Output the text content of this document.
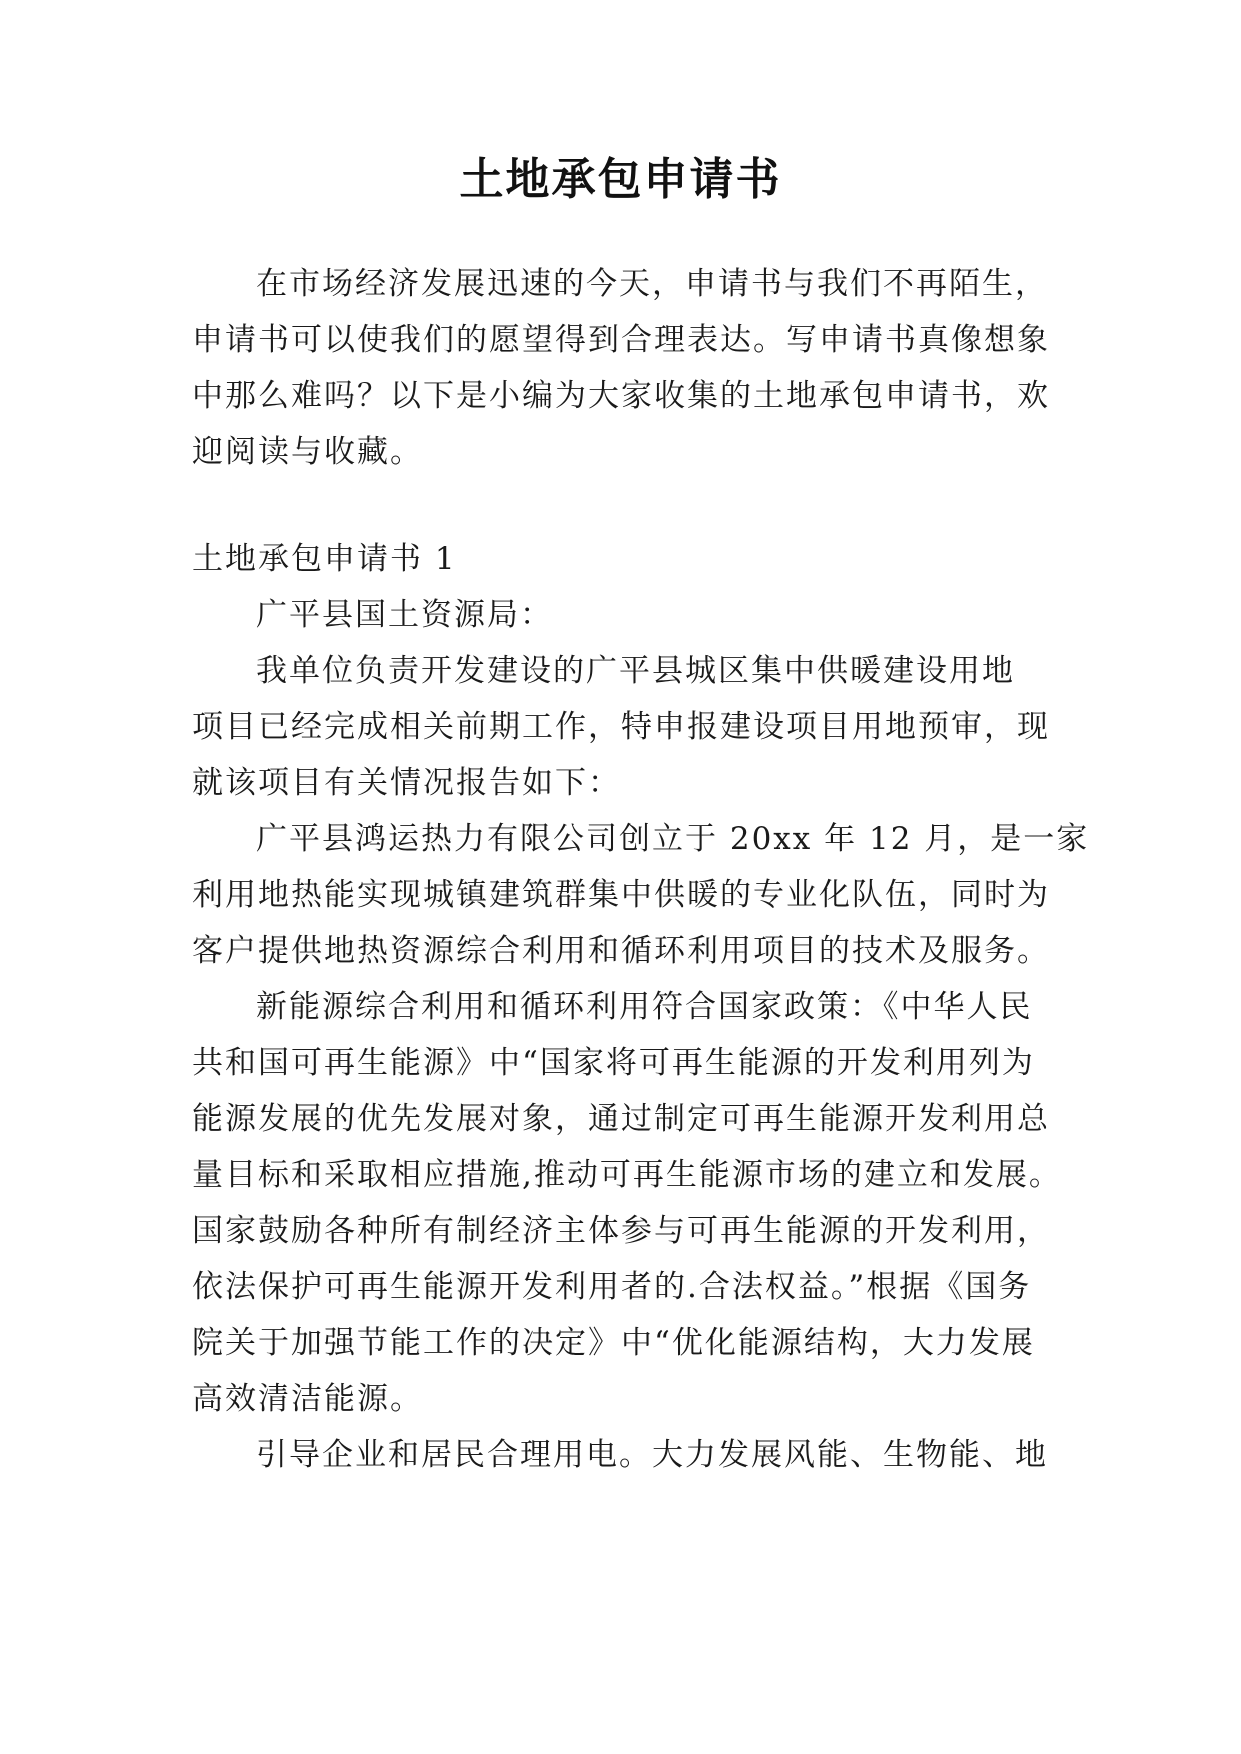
土地承包申请书
在市场经济发展迅速的今天，申请书与我们不再陌生，
申请书可以使我们的愿望得到合理表达。写申请书真像想象
中那么难吗？以下是小编为大家收集的土地承包申请书，欢
迎阅读与收藏。
土地承包申请书 1
广平县国土资源局：
我单位负责开发建设的广平县城区集中供暖建设用地
项目已经完成相关前期工作，特申报建设项目用地预审，现
就该项目有关情况报告如下：
广平县鸿运热力有限公司创立于 20xx 年 12 月，是一家
利用地热能实现城镇建筑群集中供暖的专业化队伍，同时为
客户提供地热资源综合利用和循环利用项目的技术及服务。
新能源综合利用和循环利用符合国家政策：《中华人民
共和国可再生能源》中“国家将可再生能源的开发利用列为
能源发展的优先发展对象，通过制定可再生能源开发利用总
量目标和采取相应措施,推动可再生能源市场的建立和发展。
国家鼓励各种所有制经济主体参与可再生能源的开发利用，
依法保护可再生能源开发利用者的.合法权益。”根据《国务
院关于加强节能工作的决定》中“优化能源结构，大力发展
高效清洁能源。
引导企业和居民合理用电。大力发展风能、生物能、地
